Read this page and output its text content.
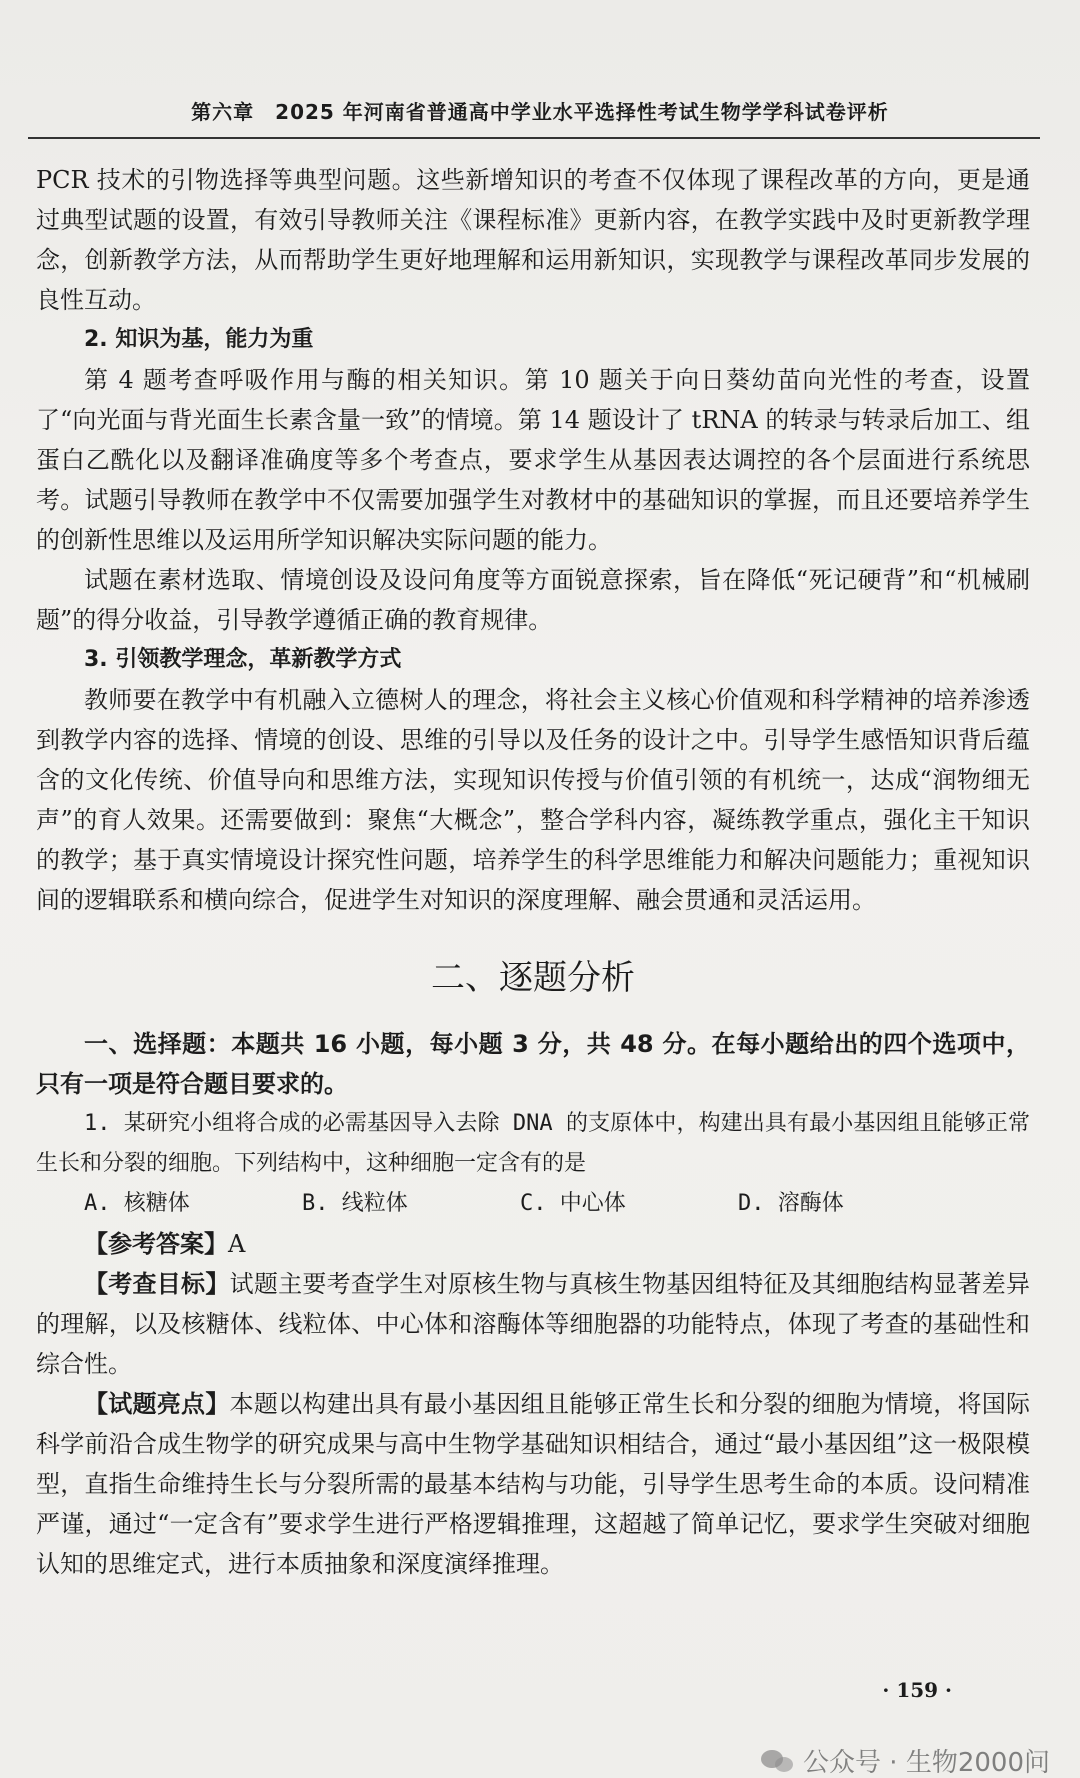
第六章　2025 年河南省普通高中学业水平选择性考试生物学学科试卷评析

PCR 技术的引物选择等典型问题。这些新增知识的考查不仅体现了课程改革的方向，更是通过典型试题的设置，有效引导教师关注《课程标准》更新内容，在教学实践中及时更新教学理念，创新教学方法，从而帮助学生更好地理解和运用新知识，实现教学与课程改革同步发展的良性互动。

2. 知识为基，能力为重

第 4 题考查呼吸作用与酶的相关知识。第 10 题关于向日葵幼苗向光性的考查，设置了“向光面与背光面生长素含量一致”的情境。第 14 题设计了 tRNA 的转录与转录后加工、组蛋白乙酰化以及翻译准确度等多个考查点，要求学生从基因表达调控的各个层面进行系统思考。试题引导教师在教学中不仅需要加强学生对教材中的基础知识的掌握，而且还要培养学生的创新性思维以及运用所学知识解决实际问题的能力。

试题在素材选取、情境创设及设问角度等方面锐意探索，旨在降低“死记硬背”和“机械刷题”的得分收益，引导教学遵循正确的教育规律。

3. 引领教学理念，革新教学方式

教师要在教学中有机融入立德树人的理念，将社会主义核心价值观和科学精神的培养渗透到教学内容的选择、情境的创设、思维的引导以及任务的设计之中。引导学生感悟知识背后蕴含的文化传统、价值导向和思维方法，实现知识传授与价值引领的有机统一，达成“润物细无声”的育人效果。还需要做到：聚焦“大概念”，整合学科内容，凝练教学重点，强化主干知识的教学；基于真实情境设计探究性问题，培养学生的科学思维能力和解决问题能力；重视知识间的逻辑联系和横向综合，促进学生对知识的深度理解、融会贯通和灵活运用。

二、逐题分析

一、选择题：本题共 16 小题，每小题 3 分，共 48 分。在每小题给出的四个选项中，只有一项是符合题目要求的。

1. 某研究小组将合成的必需基因导入去除 DNA 的支原体中，构建出具有最小基因组且能够正常生长和分裂的细胞。下列结构中，这种细胞一定含有的是

A. 核糖体	B. 线粒体	C. 中心体	D. 溶酶体

【参考答案】A

【考查目标】试题主要考查学生对原核生物与真核生物基因组特征及其细胞结构显著差异的理解，以及核糖体、线粒体、中心体和溶酶体等细胞器的功能特点，体现了考查的基础性和综合性。

【试题亮点】本题以构建出具有最小基因组且能够正常生长和分裂的细胞为情境，将国际科学前沿合成生物学的研究成果与高中生物学基础知识相结合，通过“最小基因组”这一极限模型，直指生命维持生长与分裂所需的最基本结构与功能，引导学生思考生命的本质。设问精准严谨，通过“一定含有”要求学生进行严格逻辑推理，这超越了简单记忆，要求学生突破对细胞认知的思维定式，进行本质抽象和深度演绎推理。

· 159 ·
公众号 · 生物2000问
